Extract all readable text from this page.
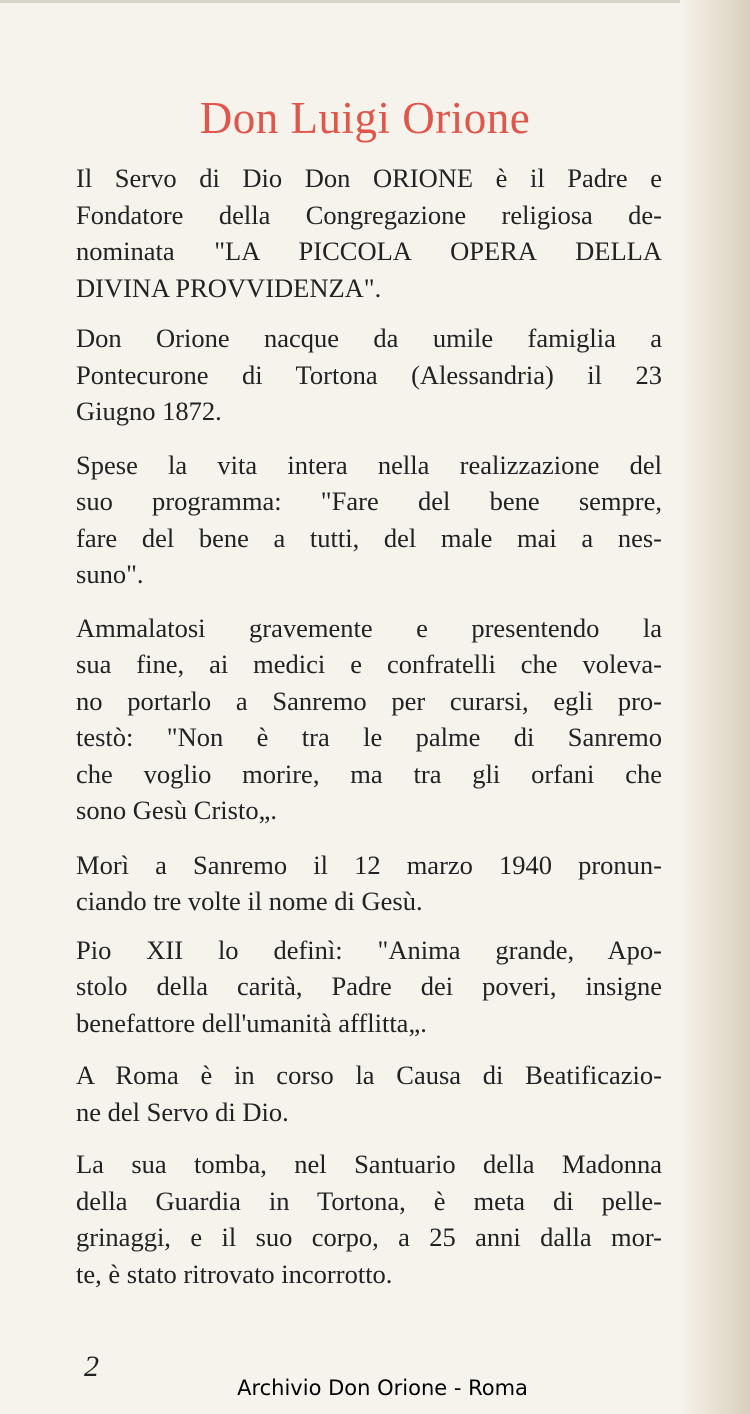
Don Luigi Orione

Il Servo di Dio Don ORIONE è il Padre e
Fondatore della Congregazione religiosa de-
nominata "LA PICCOLA OPERA DELLA
DIVINA PROVVIDENZA".

Don Orione nacque da umile famiglia a
Pontecurone di Tortona (Alessandria) il 23
Giugno 1872.

Spese la vita intera nella realizzazione del
suo programma: "Fare del bene sempre,
fare del bene a tutti, del male mai a nes-
suno".

Ammalatosi gravemente e presentendo la
sua fine, ai medici e confratelli che voleva-
no portarlo a Sanremo per curarsi, egli pro-
testò: "Non è tra le palme di Sanremo
che voglio morire, ma tra gli orfani che
sono Gesù Cristo„.

Morì a Sanremo il 12 marzo 1940 pronun-
ciando tre volte il nome di Gesù.

Pio XII lo definì: "Anima grande, Apo-
stolo della carità, Padre dei poveri, insigne
benefattore dell'umanità afflitta„.

A Roma è in corso la Causa di Beatificazio-
ne del Servo di Dio.

La sua tomba, nel Santuario della Madonna
della Guardia in Tortona, è meta di pelle-
grinaggi, e il suo corpo, a 25 anni dalla mor-
te, è stato ritrovato incorrotto.

2
Archivio Don Orione - Roma
